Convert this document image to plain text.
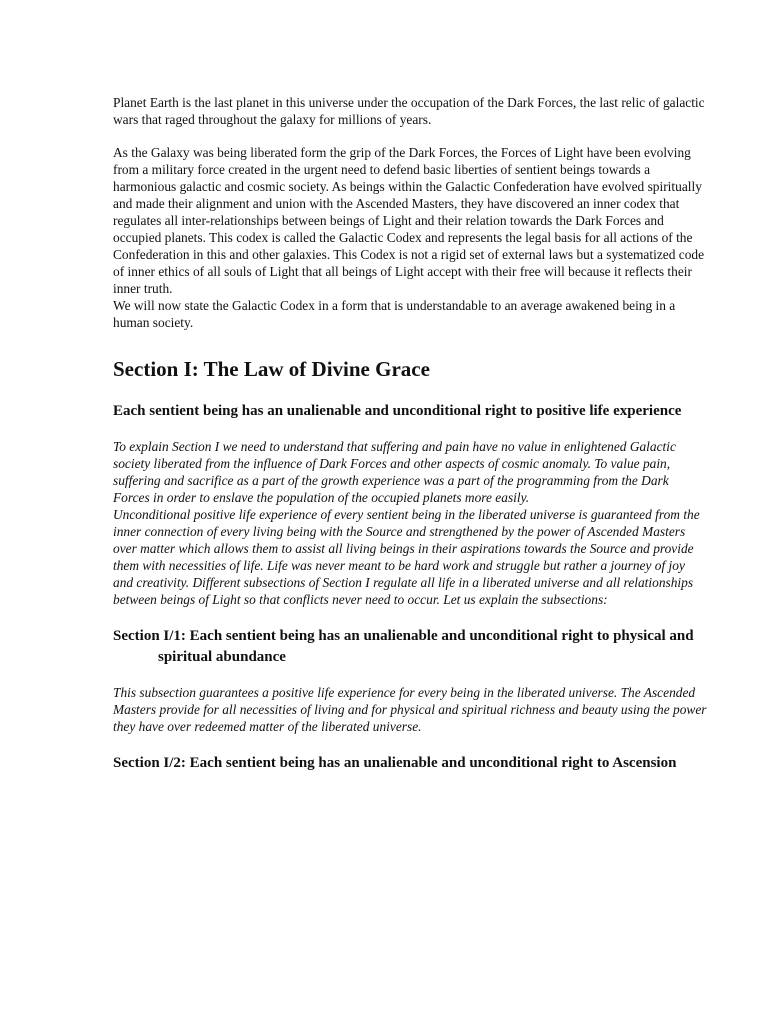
Planet Earth is the last planet in this universe under the occupation of the Dark Forces, the last relic of galactic wars that raged throughout the galaxy for millions of years.

As the Galaxy was being liberated form the grip of the Dark Forces, the Forces of Light have been evolving from a military force created in the urgent need to defend basic liberties of sentient beings towards a harmonious galactic and cosmic society. As beings within the Galactic Confederation have evolved spiritually and made their alignment and union with the Ascended Masters, they have discovered an inner codex that regulates all inter-relationships between beings of Light and their relation towards the Dark Forces and occupied planets. This codex is called the Galactic Codex and represents the legal basis for all actions of the Confederation in this and other galaxies. This Codex is not a rigid set of external laws but a systematized code of inner ethics of all souls of Light that all beings of Light accept with their free will because it reflects their inner truth.

We will now state the Galactic Codex in a form that is understandable to an average awakened being in a human society.

Section I: The Law of Divine Grace
Each sentient being has an unalienable and unconditional right to positive life experience

To explain Section I we need to understand that suffering and pain have no value in enlightened Galactic society liberated from the influence of Dark Forces and other aspects of cosmic anomaly. To value pain, suffering and sacrifice as a part of the growth experience was a part of the programming from the Dark Forces in order to enslave the population of the occupied planets more easily.

Unconditional positive life experience of every sentient being in the liberated universe is guaranteed from the inner connection of every living being with the Source and strengthened by the power of Ascended Masters over matter which allows them to assist all living beings in their aspirations towards the Source and provide them with necessities of life. Life was never meant to be hard work and struggle but rather a journey of joy and creativity. Different subsections of Section I regulate all life in a liberated universe and all relationships between beings of Light so that conflicts never need to occur. Let us explain the subsections:

Section I/1: Each sentient being has an unalienable and unconditional right to physical and spiritual abundance

This subsection guarantees a positive life experience for every being in the liberated universe. The Ascended Masters provide for all necessities of living and for physical and spiritual richness and beauty using the power they have over redeemed matter of the liberated universe.

Section I/2: Each sentient being has an unalienable and unconditional right to Ascension
